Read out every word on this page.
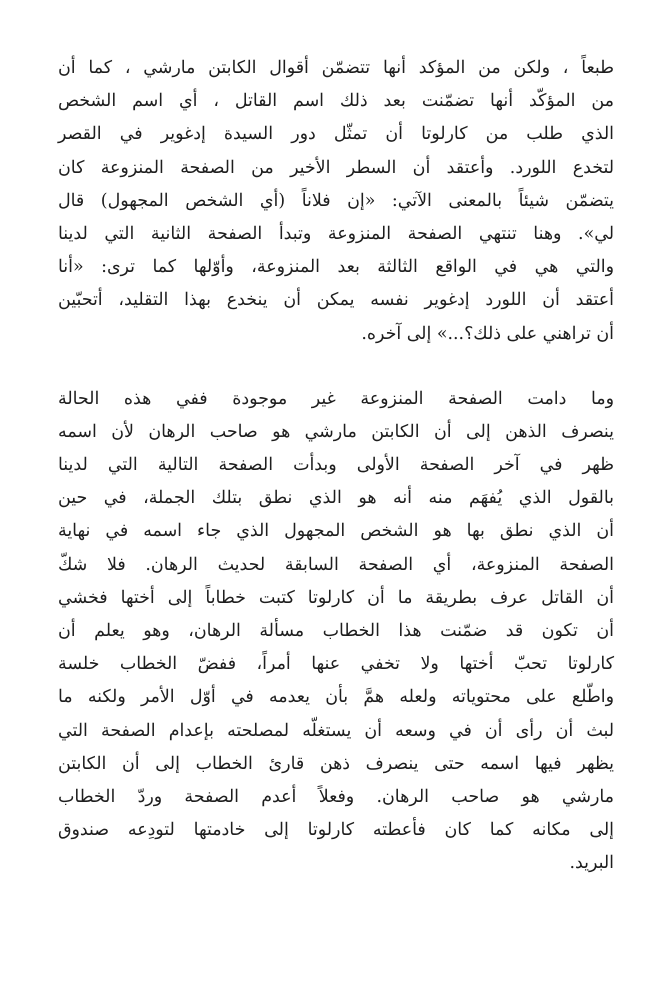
طبعاً ، ولكن من المؤكد أنها تتضمّن أقوال الكابتن مارشي ، كما أن
من المؤكّد أنها تضمّنت بعد ذلك اسم القاتل ، أي اسم الشخص
الذي طلب من كارلوتا أن تمثّل دور السيدة إدغوير في القصر
لتخدع اللورد. وأعتقد أن السطر الأخير من الصفحة المنزوعة كان
يتضمّن شيئاً بالمعنى الآتي: «إن فلاناً (أي الشخص المجهول) قال
لي». وهنا تنتهي الصفحة المنزوعة وتبدأ الصفحة الثانية التي لدينا
والتي هي في الواقع الثالثة بعد المنزوعة، وأوّلها كما ترى: «أنا
أعتقد أن اللورد إدغوير نفسه يمكن أن ينخدع بهذا التقليد، أتحبّين
أن تراهني على ذلك؟...» إلى آخره.
وما دامت الصفحة المنزوعة غير موجودة ففي هذه الحالة
ينصرف الذهن إلى أن الكابتن مارشي هو صاحب الرهان لأن اسمه
ظهر في آخر الصفحة الأولى وبدأت الصفحة التالية التي لدينا
بالقول الذي يُفهَم منه أنه هو الذي نطق بتلك الجملة، في حين
أن الذي نطق بها هو الشخص المجهول الذي جاء اسمه في نهاية
الصفحة المنزوعة، أي الصفحة السابقة لحديث الرهان. فلا شكّ
أن القاتل عرف بطريقة ما أن كارلوتا كتبت خطاباً إلى أختها فخشي
أن تكون قد ضمّنت هذا الخطاب مسألة الرهان، وهو يعلم أن
كارلوتا تحبّ أختها ولا تخفي عنها أمراً، ففضّ الخطاب خلسة
واطّلع على محتوياته ولعله همَّ بأن يعدمه في أوّل الأمر ولكنه ما
لبث أن رأى أن في وسعه أن يستغلّه لمصلحته بإعدام الصفحة التي
يظهر فيها اسمه حتى ينصرف ذهن قارئ الخطاب إلى أن الكابتن
مارشي هو صاحب الرهان. وفعلاً أعدم الصفحة وردّ الخطاب
إلى مكانه كما كان فأعطته كارلوتا إلى خادمتها لتودِعه صندوق
البريد.
